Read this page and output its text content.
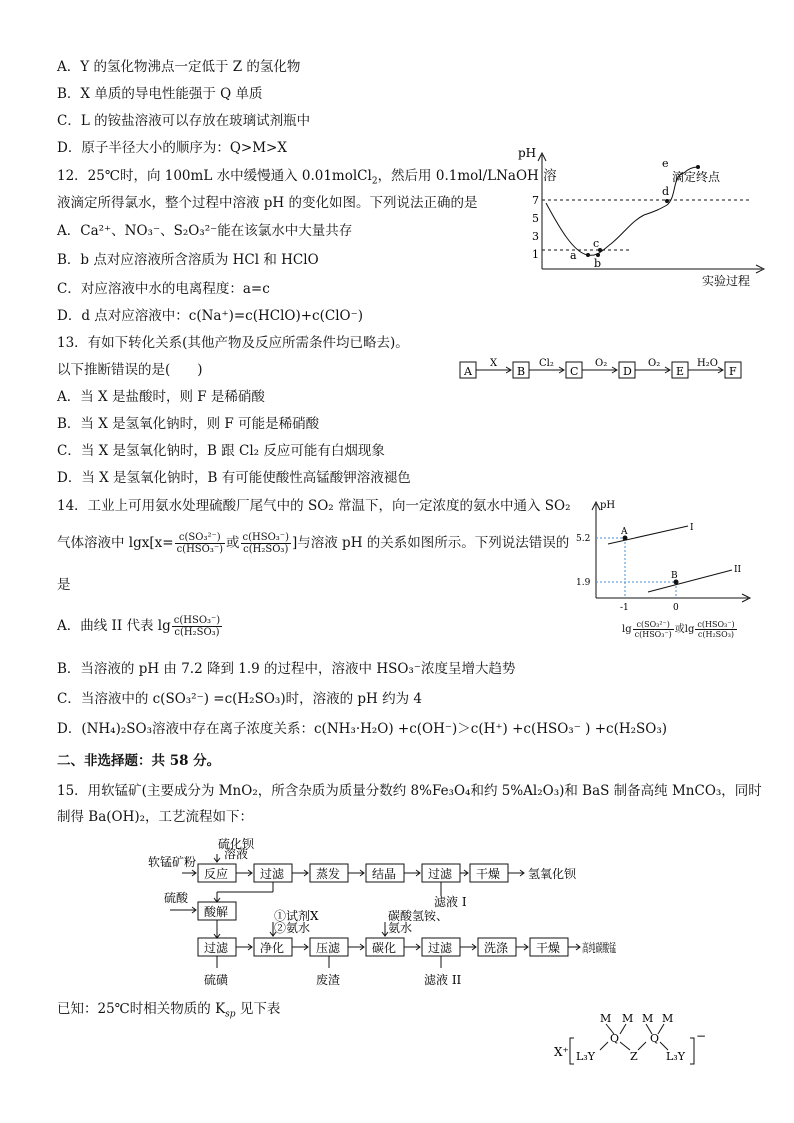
A．Y 的氢化物沸点一定低于 Z 的氢化物
B．X 单质的导电性能强于 Q 单质
C．L 的铵盐溶液可以存放在玻璃试剂瓶中
D．原子半径大小的顺序为：Q>M>X
12．25℃时，向 100mL 水中缓慢通入 0.01molCl$_2$，然后用 0.1mol/LNaOH 溶
液滴定所得氯水，整个过程中溶液 pH 的变化如图。下列说法正确的是
A．Ca²⁺、NO₃⁻、S₂O₃²⁻能在该氯水中大量共存
B．b 点对应溶液所含溶质为 HCl 和 HClO
C．对应溶液中水的电离程度：a=c
D．d 点对应溶液中：c(Na⁺)=c(HClO)+c(ClO⁻)
pH
7
5
3
1	a
b
c
d
e
滴定终点
实验过程
13．有如下转化关系(其他产物及反应所需条件均已略去)。
以下推断错误的是(　　)
A．当 X 是盐酸时，则 F 是稀硝酸
B．当 X 是氢氧化钠时，则 F 可能是稀硝酸
C．当 X 是氢氧化钠时，B 跟 Cl₂ 反应可能有白烟现象
D．当 X 是氢氧化钠时，B 有可能使酸性高锰酸钾溶液褪色
A	B	C	D	E	F
X	Cl₂	O₂	O₂	H₂O
14．工业上可用氨水处理硫酸厂尾气中的 SO₂ 常温下，向一定浓度的氨水中通入 SO₂
气体溶液中 $\lg x[x= \frac{\text{c(SO₃²⁻)}}{\text{c(HSO₃⁻)}}$ 或 $\frac{\text{c(HSO₃⁻)}}{\text{c(H₂SO₃)}}$ ]与溶液 pH 的关系如图所示。下列说法错误的
是
A．曲线 II 代表 $\lg \frac{\text{c(HSO₃⁻)}}{\text{c(H₂SO₃)}}$
B．当溶液的 pH 由 7.2 降到 1.9 的过程中，溶液中 HSO₃⁻浓度呈增大趋势
C．当溶液中的 c(SO₃²⁻) =c(H₂SO₃)时，溶液的 pH 约为 4
D．(NH₄)₂SO₃溶液中存在离子浓度关系：c(NH₃·H₂O) +c(OH⁻)＞c(H⁺) +c(HSO₃⁻ ) +c(H₂SO₃)
pH
5.2
1.9
-1	0
A
B
I
II
$\lg \frac{\text{c(SO₃²⁻)}}{\text{c(HSO₃⁻)}}$ 或$\lg \frac{\text{c(HSO₃⁻)}}{\text{c(H₂SO₃)}}$
二、非选择题：共 58 分。
15．用软锰矿(主要成分为 MnO₂，所含杂质为质量分数约 8%Fe₃O₄和约 5%Al₂O₃)和 BaS 制备高纯 MnCO₃，同时
制得 Ba(OH)₂，工艺流程如下：
软锰矿粉
硫化钡
溶液
反应	过滤	蒸发	结晶	过滤 干燥 氢氧化钡
滤液 I
硫酸
酸解	①试剂X
②氨水
碳酸氢铵、
氨水
过滤	净化	压滤	碳化	过滤	洗涤 干燥 高纯碳酸锰
硫磺	废渣	滤液 II
已知：25℃时相关物质的 $K_{sp}$ 见下表
X⁺
M M M M
Q	Q
Z
L₃Y	L₃Y
−
